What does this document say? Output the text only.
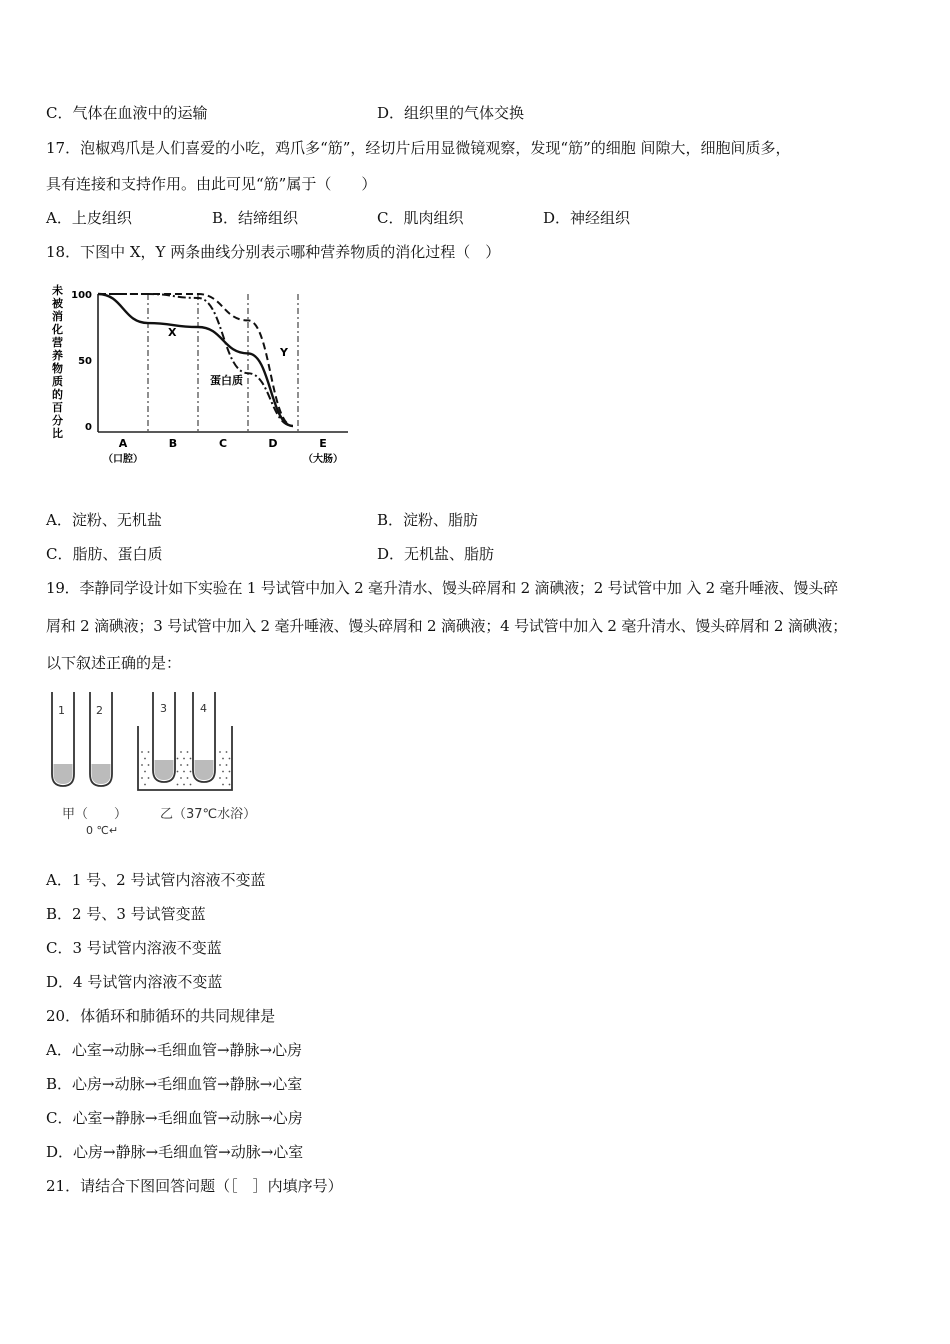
C．气体在血液中的运输	D．组织里的气体交换
17．泡椒鸡爪是人们喜爱的小吃，鸡爪多“筋”，经切片后用显微镜观察，发现“筋”的细胞 间隙大，细胞间质多，
具有连接和支持作用。由此可见“筋”属于（　　）
A．上皮组织	B．结缔组织	C．肌肉组织	D．神经组织
18．下图中 X，Y 两条曲线分别表示哪种营养物质的消化过程（　）
未
被
消
化
营
养
物
质
的
百
分
比
100
50
0
A
（口腔）
B	C	D	E
（大肠）
X
Y
蛋白质
A．淀粉、无机盐	B．淀粉、脂肪
C．脂肪、蛋白质	D．无机盐、脂肪
19．李静同学设计如下实验在 1 号试管中加入 2 毫升清水、馒头碎屑和 2 滴碘液；2 号试管中加 入 2 毫升唾液、馒头碎
屑和 2 滴碘液；3 号试管中加入 2 毫升唾液、馒头碎屑和 2 滴碘液；4 号试管中加入 2 毫升清水、馒头碎屑和 2 滴碘液；
以下叙述正确的是：
1	2
甲（　　）
0 ℃↵
3	4
乙（37℃水浴）
A．1 号、2 号试管内溶液不变蓝
B．2 号、3 号试管变蓝
C．3 号试管内溶液不变蓝
D．4 号试管内溶液不变蓝
20．体循环和肺循环的共同规律是
A．心室→动脉→毛细血管→静脉→心房
B．心房→动脉→毛细血管→静脉→心室
C．心室→静脉→毛细血管→动脉→心房
D．心房→静脉→毛细血管→动脉→心室
21．请结合下图回答问题（［　］内填序号）
